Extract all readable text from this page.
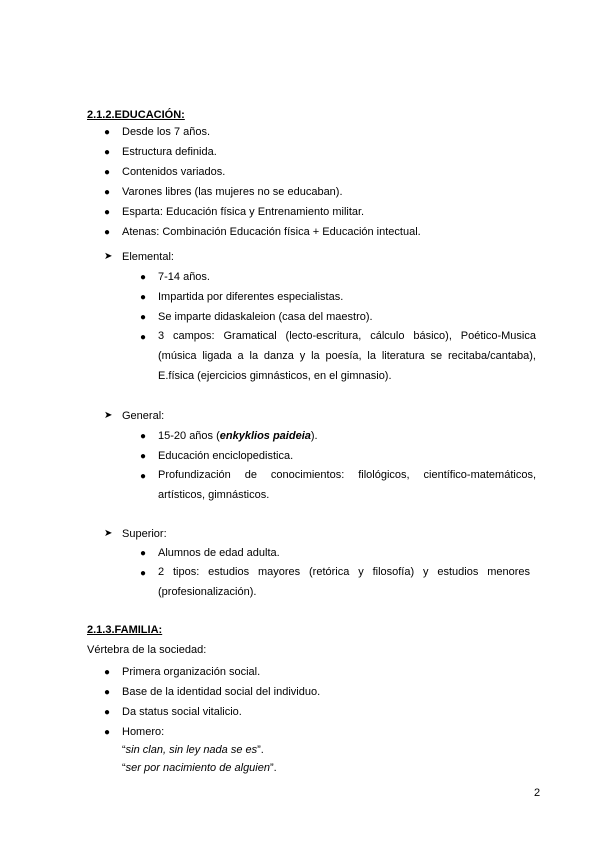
2.1.2.EDUCACIÓN:
● Desde los 7 años.
● Estructura definida.
● Contenidos variados.
● Varones libres (las mujeres no se educaban).
● Esparta: Educación física y Entrenamiento militar.
● Atenas: Combinación Educación física + Educación intectual.
➤ Elemental:
● 7-14 años.
● Impartida por diferentes especialistas.
● Se imparte didaskaleion (casa del maestro).
● 3 campos: Gramatical (lecto-escritura, cálculo básico), Poético-Musica
(música ligada a la danza y la poesía, la literatura se recitaba/cantaba),
E.física (ejercicios gimnásticos, en el gimnasio).
➤ General:
● 15-20 años (enkyklios paideia).
● Educación enciclopedistica.
● Profundización de conocimientos: filológicos, científico-matemáticos,
artísticos, gimnásticos.
➤ Superior:
● Alumnos de edad adulta.
● 2 tipos: estudios mayores (retórica y filosofía) y estudios menores
(profesionalización).
2.1.3.FAMILIA:
Vértebra de la sociedad:
● Primera organización social.
● Base de la identidad social del individuo.
● Da status social vitalicio.
● Homero:
“sin clan, sin ley nada se es”.
“ser por nacimiento de alguien”.
2
